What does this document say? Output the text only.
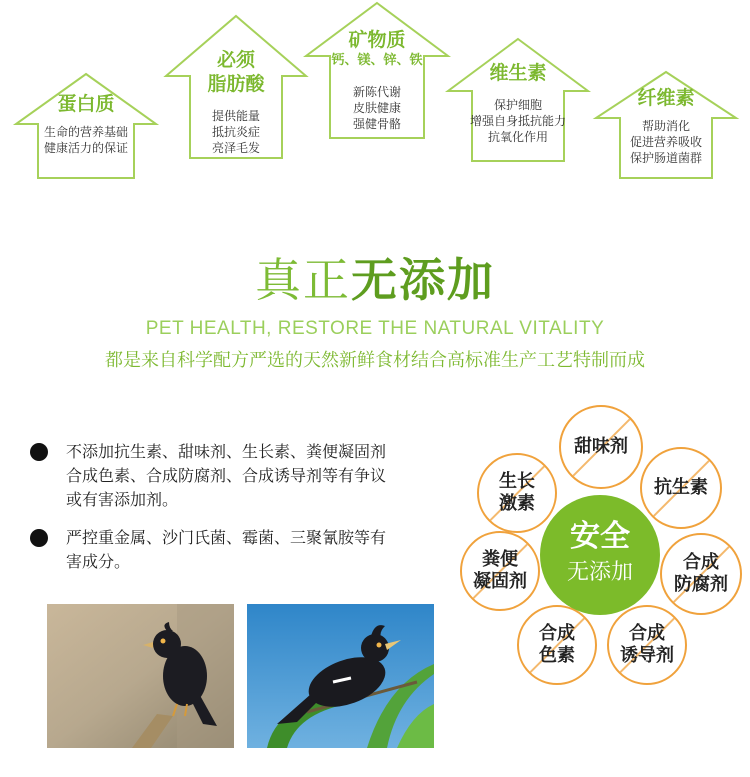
蛋白质
生命的营养基础
健康活力的保证
必须
脂肪酸
提供能量
抵抗炎症
亮泽毛发
矿物质
钙、镁、锌、铁
新陈代谢
皮肤健康
强健骨骼
维生素
保护细胞
增强自身抵抗能力
抗氧化作用
纤维素
帮助消化
促进营养吸收
保护肠道菌群
真正无添加
PET HEALTH, RESTORE THE NATURAL VITALITY
都是来自科学配方严选的天然新鲜食材结合高标准生产工艺特制而成
不添加抗生素、甜味剂、生长素、粪便凝固剂
合成色素、合成防腐剂、合成诱导剂等有争议
或有害添加剂。
严控重金属、沙门氏菌、霉菌、三聚氰胺等有
害成分。
甜味剂
抗生素
合成
防腐剂
合成
诱导剂
合成
色素
粪便
凝固剂
生长
激素
安全
无添加
